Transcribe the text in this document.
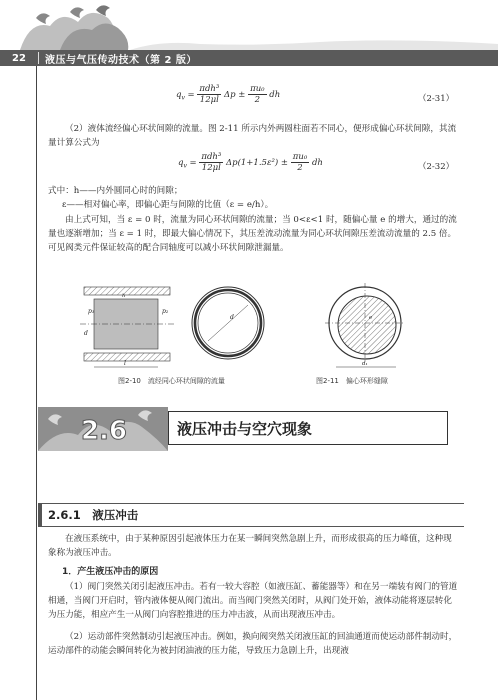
22	液压与气压传动技术（第 2 版）
$q_v = \frac{\text{πdh³}}{12\mu l}$ $\Delta p \pm \frac{\text{πu₀}}{2}$ dh	（2-31）
（2）液体流经偏心环状间隙的流量。图 2-11 所示内外两圆柱面若不同心，便形成偏心环状间隙，其流量计算公式为
$q_v = \frac{\text{πdh³}}{12\mu l} \Delta p(1+1.5\varepsilon^2) \pm \frac{\text{πu₀}}{2}$ dh	（2-32）
式中：h——内外圆同心时的间隙；
ε——相对偏心率，即偏心距与间隙的比值（ε = e/h）。
由上式可知，当 ε = 0 时，流量为同心环状间隙的流量；当 0<ε<1 时，随偏心量 e 的增大，通过的流量也逐渐增加；当 ε = 1 时，即最大偏心情况下，其压差流动流量为同心环状间隙压差流动流量的 2.5 倍。可见阀类元件保证较高的配合同轴度可以减小环状间隙泄漏量。
p₁	p₂
h
d
l
d
图2-10　流经同心环状间隙的流量
e
d₁
图2-11　偏心环形缝隙
2.6	液压冲击与空穴现象
2.6.1　液压冲击
在液压系统中，由于某种原因引起液体压力在某一瞬间突然急剧上升，而形成很高的压力峰值，这种现象称为液压冲击。
1．产生液压冲击的原因
（1）阀门突然关闭引起液压冲击。若有一较大容腔（如液压缸、蓄能器等）和在另一端装有阀门的管道相通，当阀门开启时，管内液体便从阀门流出。而当阀门突然关闭时，从阀门处开始，液体动能将逐层转化为压力能，相应产生一从阀门向容腔推进的压力冲击波，从而出现液压冲击。
（2）运动部件突然制动引起液压冲击。例如，换向阀突然关闭液压缸的回油通道而使运动部件制动时，运动部件的动能会瞬间转化为被封闭油液的压力能，导致压力急剧上升，出现液
